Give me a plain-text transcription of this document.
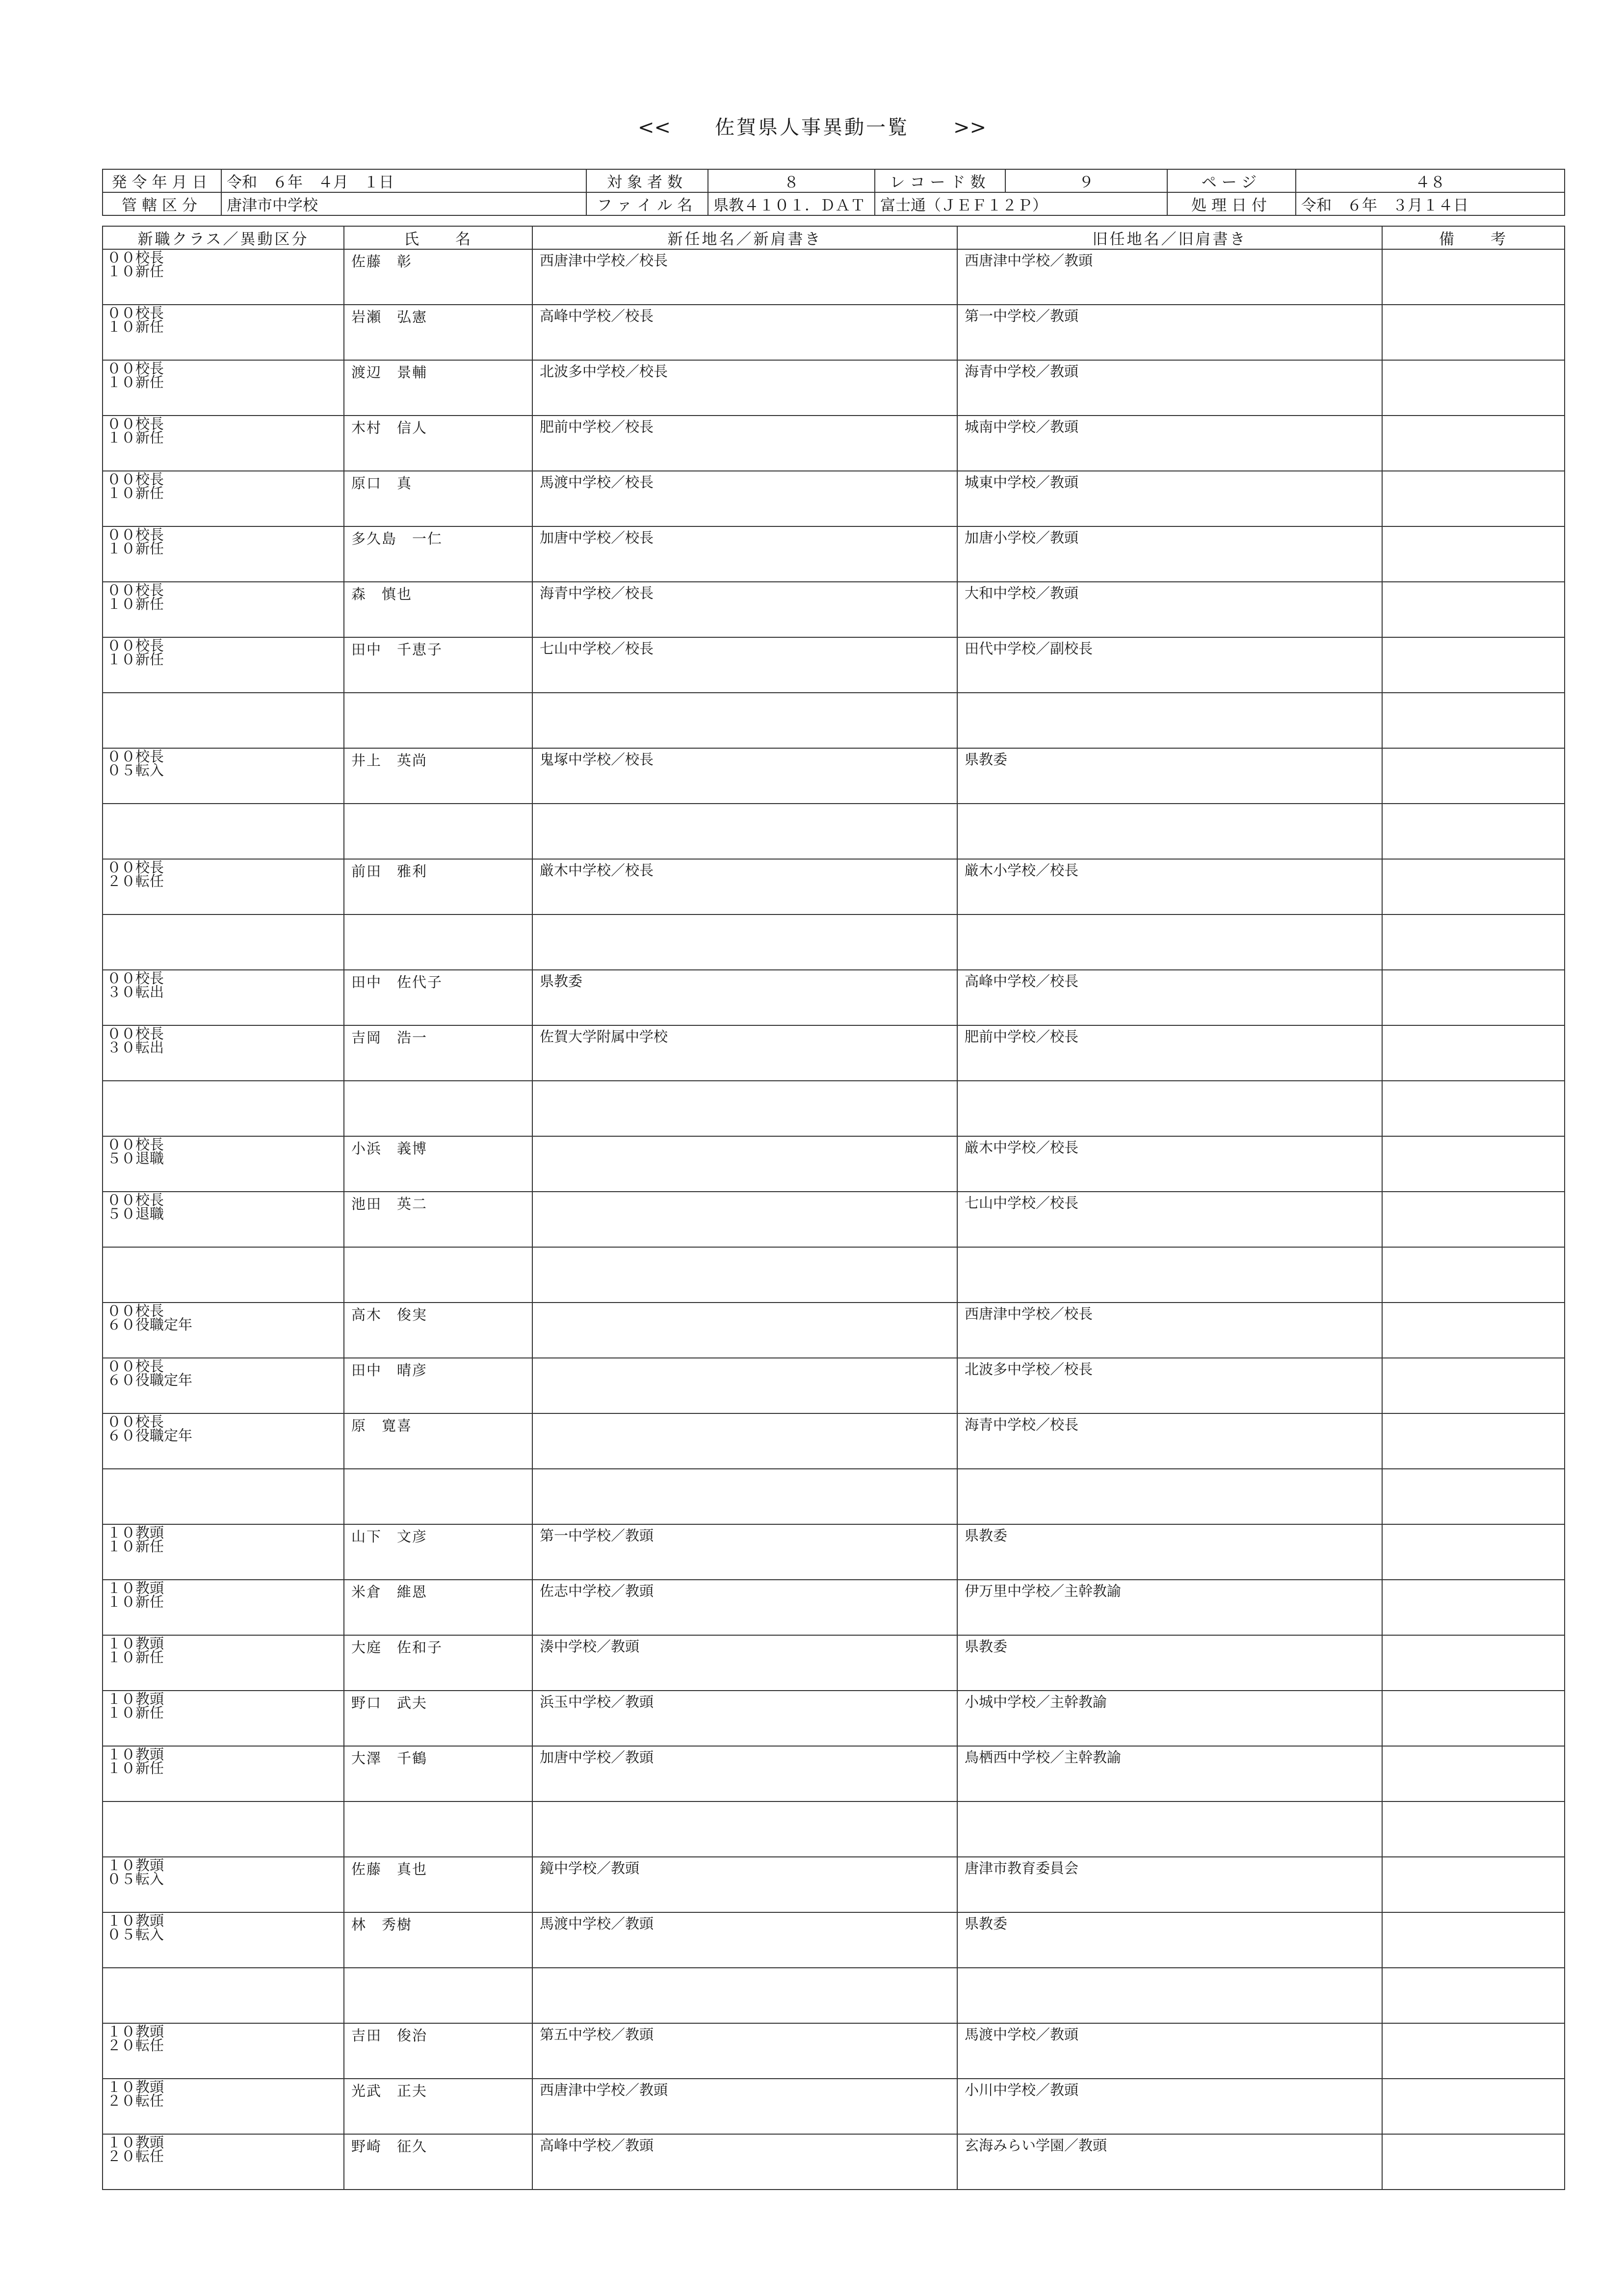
<< 佐賀県人事異動一覧 >>
発令年月日	令和　６年　４月　１日	対象者数	８	レコード数	９	ページ	４８
管轄区分	唐津市中学校	ファイル名	県教４１０１．ＤＡＴ	富士通（ＪＥＦ１２Ｐ）		処理日付	令和　６年　３月１４日
新職クラス／異動区分	氏　　名	新任地名／新肩書き	旧任地名／旧肩書き	備　　考

００校長
１０新任	佐藤　彰	西唐津中学校／校長	西唐津中学校／教頭	

００校長
１０新任	岩瀬　弘憲	高峰中学校／校長	第一中学校／教頭	

００校長
１０新任	渡辺　景輔	北波多中学校／校長	海青中学校／教頭	

００校長
１０新任	木村　信人	肥前中学校／校長	城南中学校／教頭	

００校長
１０新任	原口　真	馬渡中学校／校長	城東中学校／教頭	

００校長
１０新任	多久島　一仁	加唐中学校／校長	加唐小学校／教頭	

００校長
１０新任	森　慎也	海青中学校／校長	大和中学校／教頭	

００校長
１０新任	田中　千恵子	七山中学校／校長	田代中学校／副校長	

００校長
０５転入	井上　英尚	鬼塚中学校／校長	県教委	

００校長
２０転任	前田　雅利	厳木中学校／校長	厳木小学校／校長	

００校長
３０転出	田中　佐代子	県教委	高峰中学校／校長	

００校長
３０転出	吉岡　浩一	佐賀大学附属中学校	肥前中学校／校長	

００校長
５０退職	小浜　義博		厳木中学校／校長	

００校長
５０退職	池田　英二		七山中学校／校長	

００校長
６０役職定年	高木　俊実		西唐津中学校／校長	

００校長
６０役職定年	田中　晴彦		北波多中学校／校長	

００校長
６０役職定年	原　寛喜		海青中学校／校長	

１０教頭
１０新任	山下　文彦	第一中学校／教頭	県教委	

１０教頭
１０新任	米倉　維恩	佐志中学校／教頭	伊万里中学校／主幹教諭	

１０教頭
１０新任	大庭　佐和子	湊中学校／教頭	県教委	

１０教頭
１０新任	野口　武夫	浜玉中学校／教頭	小城中学校／主幹教諭	

１０教頭
１０新任	大澤　千鶴	加唐中学校／教頭	鳥栖西中学校／主幹教諭	

１０教頭
０５転入	佐藤　真也	鏡中学校／教頭	唐津市教育委員会	

１０教頭
０５転入	林　秀樹	馬渡中学校／教頭	県教委	

１０教頭
２０転任	吉田　俊治	第五中学校／教頭	馬渡中学校／教頭	

１０教頭
２０転任	光武　正夫	西唐津中学校／教頭	小川中学校／教頭	

１０教頭
２０転任	野崎　征久	高峰中学校／教頭	玄海みらい学園／教頭	
